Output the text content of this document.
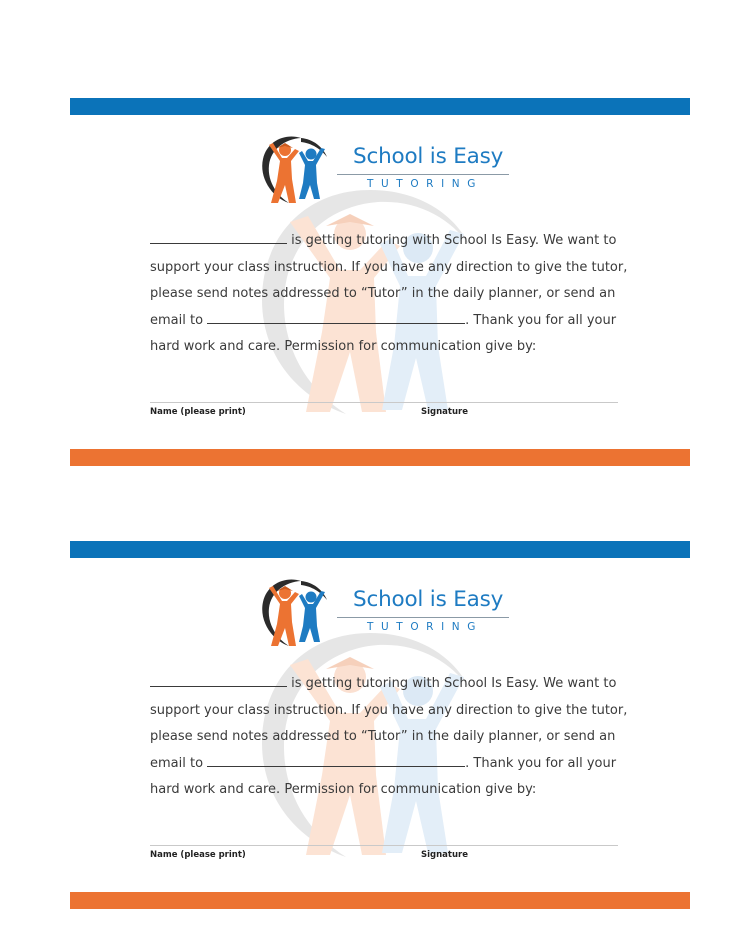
School is Easy
TUTORING
is getting tutoring with School Is Easy. We want to
support your class instruction. If you have any direction to give the tutor,
please send notes addressed to “Tutor” in the daily planner, or send an
email to	. Thank you for all your
hard work and care. Permission for communication give by:
Name (please print)	Signature
School is Easy
TUTORING
is getting tutoring with School Is Easy. We want to
support your class instruction. If you have any direction to give the tutor,
please send notes addressed to “Tutor” in the daily planner, or send an
email to	. Thank you for all your
hard work and care. Permission for communication give by:
Name (please print)	Signature
